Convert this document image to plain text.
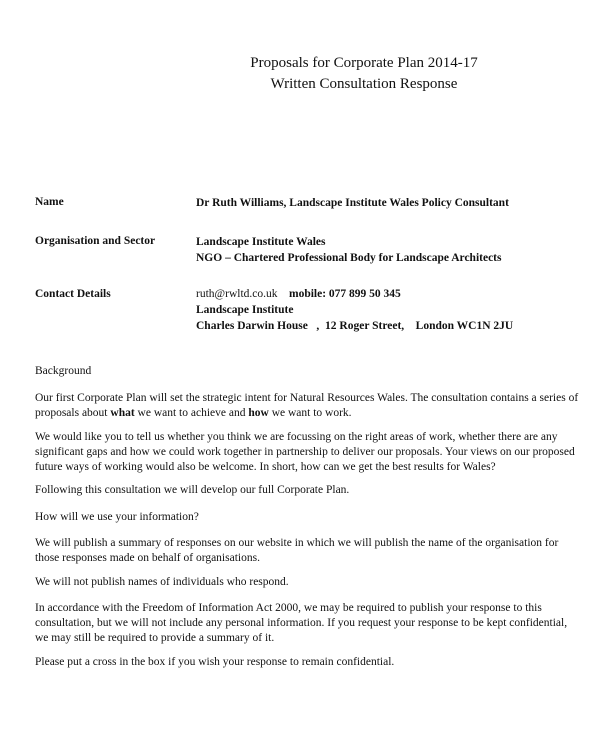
Proposals for Corporate Plan 2014-17
Written Consultation Response
Name	Dr Ruth Williams, Landscape Institute Wales Policy Consultant
Organisation and Sector	Landscape Institute Wales
NGO – Chartered Professional Body for Landscape Architects
Contact Details	ruth@rwltd.co.uk mobile: 077 899 50 345
Landscape Institute
Charles Darwin House   ,  12 Roger Street,    London WC1N 2JU
Background

Our first Corporate Plan will set the strategic intent for Natural Resources Wales. The consultation contains a series of proposals about what we want to achieve and how we want to work.

We would like you to tell us whether you think we are focussing on the right areas of work, whether there are any significant gaps and how we could work together in partnership to deliver our proposals. Your views on our proposed future ways of working would also be welcome. In short, how can we get the best results for Wales?
Following this consultation we will develop our full Corporate Plan.
How will we use your information?
We will publish a summary of responses on our website in which we will publish the name of the organisation for those responses made on behalf of organisations.
We will not publish names of individuals who respond.
In accordance with the Freedom of Information Act 2000, we may be required to publish your response to this consultation, but we will not include any personal information. If you request your response to be kept confidential, we may still be required to provide a summary of it.
Please put a cross in the box if you wish your response to remain confidential.
